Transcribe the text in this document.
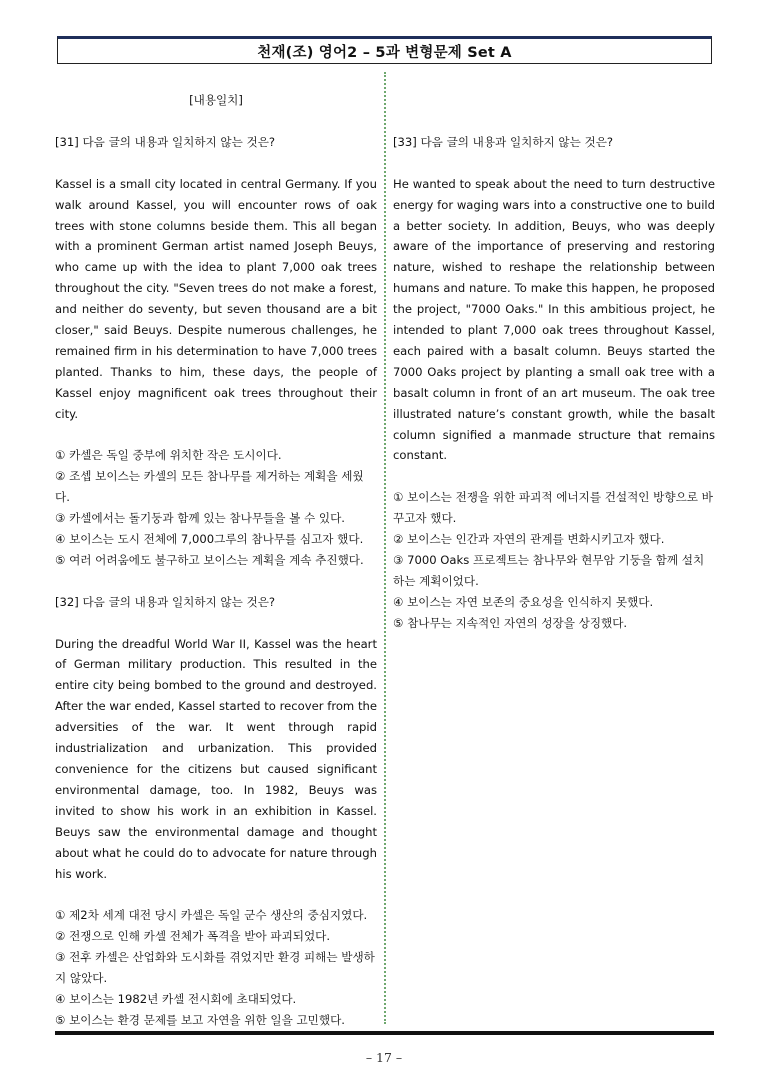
천재(조) 영어2 – 5과 변형문제 Set A
[내용일치]

[31] 다음 글의 내용과 일치하지 않는 것은?

Kassel is a small city located in central Germany. If you walk around Kassel, you will encounter rows of oak trees with stone columns beside them. This all began with a prominent German artist named Joseph Beuys, who came up with the idea to plant 7,000 oak trees throughout the city. "Seven trees do not make a forest, and neither do seventy, but seven thousand are a bit closer," said Beuys. Despite numerous challenges, he remained firm in his determination to have 7,000 trees planted. Thanks to him, these days, the people of Kassel enjoy magnificent oak trees throughout their city.

① 카셀은 독일 중부에 위치한 작은 도시이다.

② 조셉 보이스는 카셀의 모든 참나무를 제거하는 계획을 세웠다.

③ 카셀에서는 돌기둥과 함께 있는 참나무들을 볼 수 있다.

④ 보이스는 도시 전체에 7,000그루의 참나무를 심고자 했다.

⑤ 여러 어려움에도 불구하고 보이스는 계획을 계속 추진했다.

[32] 다음 글의 내용과 일치하지 않는 것은?

During the dreadful World War II, Kassel was the heart of German military production. This resulted in the entire city being bombed to the ground and destroyed. After the war ended, Kassel started to recover from the adversities of the war. It went through rapid industrialization and urbanization. This provided convenience for the citizens but caused significant environmental damage, too. In 1982, Beuys was invited to show his work in an exhibition in Kassel. Beuys saw the environmental damage and thought about what he could do to advocate for nature through his work.

① 제2차 세계 대전 당시 카셀은 독일 군수 생산의 중심지였다.

② 전쟁으로 인해 카셀 전체가 폭격을 받아 파괴되었다.

③ 전후 카셀은 산업화와 도시화를 겪었지만 환경 피해는 발생하지 않았다.

④ 보이스는 1982년 카셀 전시회에 초대되었다.

⑤ 보이스는 환경 문제를 보고 자연을 위한 일을 고민했다.

[33] 다음 글의 내용과 일치하지 않는 것은?

He wanted to speak about the need to turn destructive energy for waging wars into a constructive one to build a better society. In addition, Beuys, who was deeply aware of the importance of preserving and restoring nature, wished to reshape the relationship between humans and nature. To make this happen, he proposed the project, "7000 Oaks." In this ambitious project, he intended to plant 7,000 oak trees throughout Kassel, each paired with a basalt column. Beuys started the 7000 Oaks project by planting a small oak tree with a basalt column in front of an art museum. The oak tree illustrated nature’s constant growth, while the basalt column signified a manmade structure that remains constant.

① 보이스는 전쟁을 위한 파괴적 에너지를 건설적인 방향으로 바꾸고자 했다.

② 보이스는 인간과 자연의 관계를 변화시키고자 했다.

③ 7000 Oaks 프로젝트는 참나무와 현무암 기둥을 함께 설치하는 계획이었다.

④ 보이스는 자연 보존의 중요성을 인식하지 못했다.

⑤ 참나무는 지속적인 자연의 성장을 상징했다.

– 17 –
